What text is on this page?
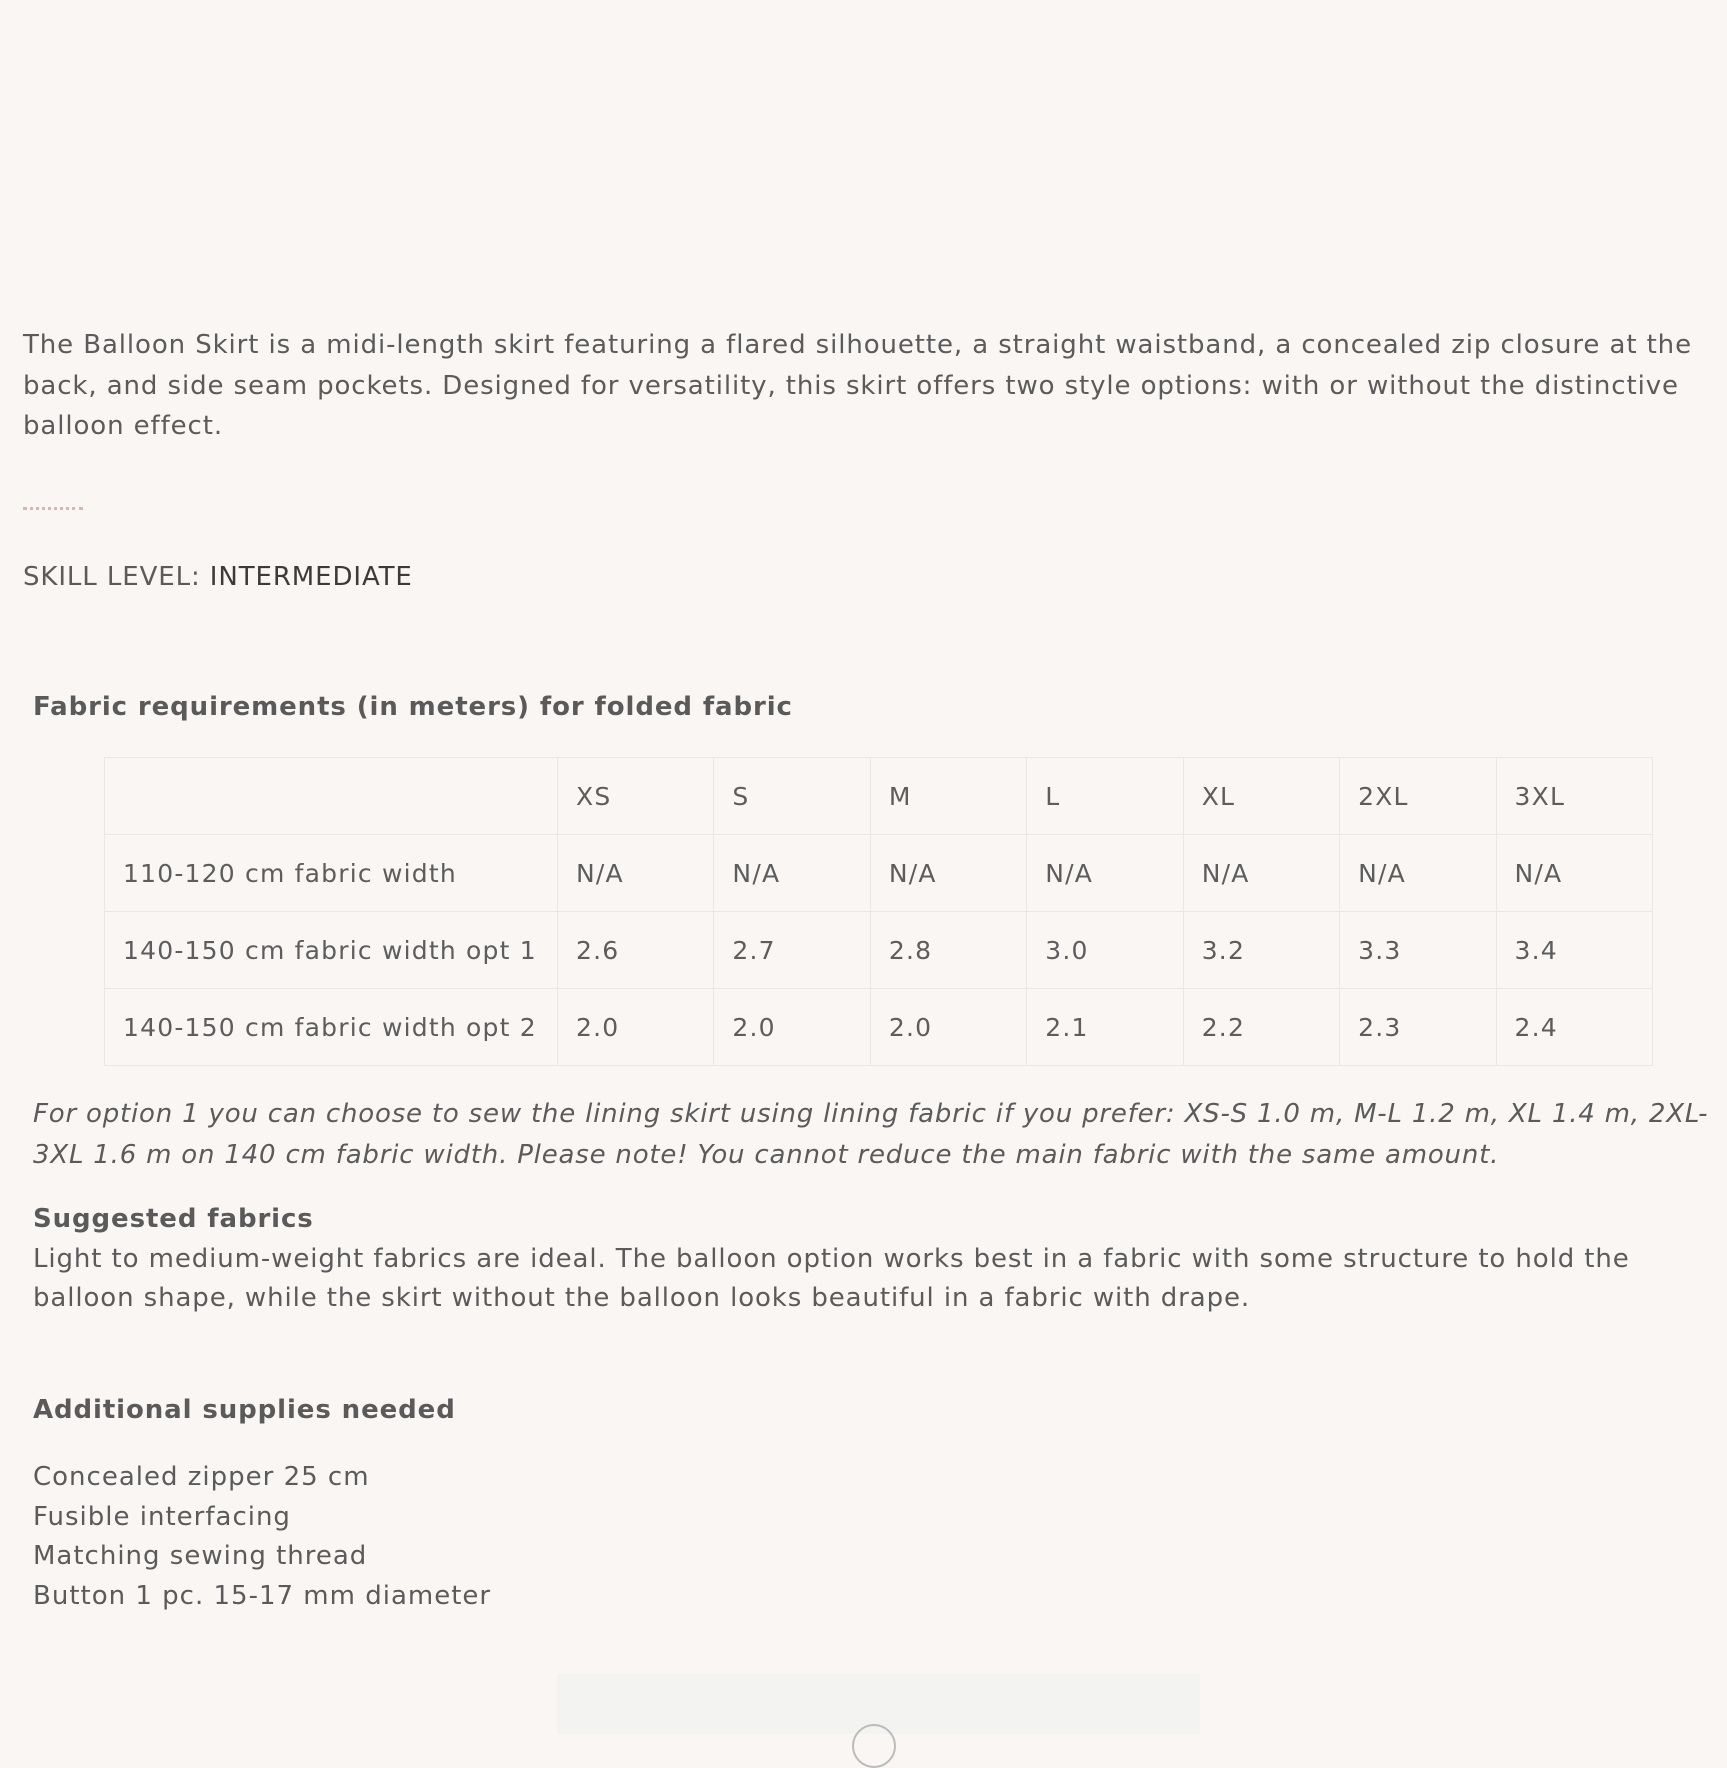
The Balloon Skirt is a midi-length skirt featuring a flared silhouette, a straight waistband, a concealed zip closure at the back, and side seam pockets. Designed for versatility, this skirt offers two style options: with or without the distinctive balloon effect.

SKILL LEVEL: INTERMEDIATE
Fabric requirements (in meters) for folded fabric
	XS	S	M	L	XL	2XL	3XL
110-120 cm fabric width	N/A	N/A	N/A	N/A	N/A	N/A	N/A
140-150 cm fabric width opt 1	2.6	2.7	2.8	3.0	3.2	3.3	3.4
140-150 cm fabric width opt 2	2.0	2.0	2.0	2.1	2.2	2.3	2.4

For option 1 you can choose to sew the lining skirt using lining fabric if you prefer: XS-S 1.0 m, M-L 1.2 m, XL 1.4 m, 2XL-3XL 1.6 m on 140 cm fabric width. Please note! You cannot reduce the main fabric with the same amount.

Suggested fabrics

Light to medium-weight fabrics are ideal. The balloon option works best in a fabric with some structure to hold the balloon shape, while the skirt without the balloon looks beautiful in a fabric with drape.

Additional supplies needed
Concealed zipper 25 cm
Fusible interfacing
Matching sewing thread
Button 1 pc. 15-17 mm diameter
